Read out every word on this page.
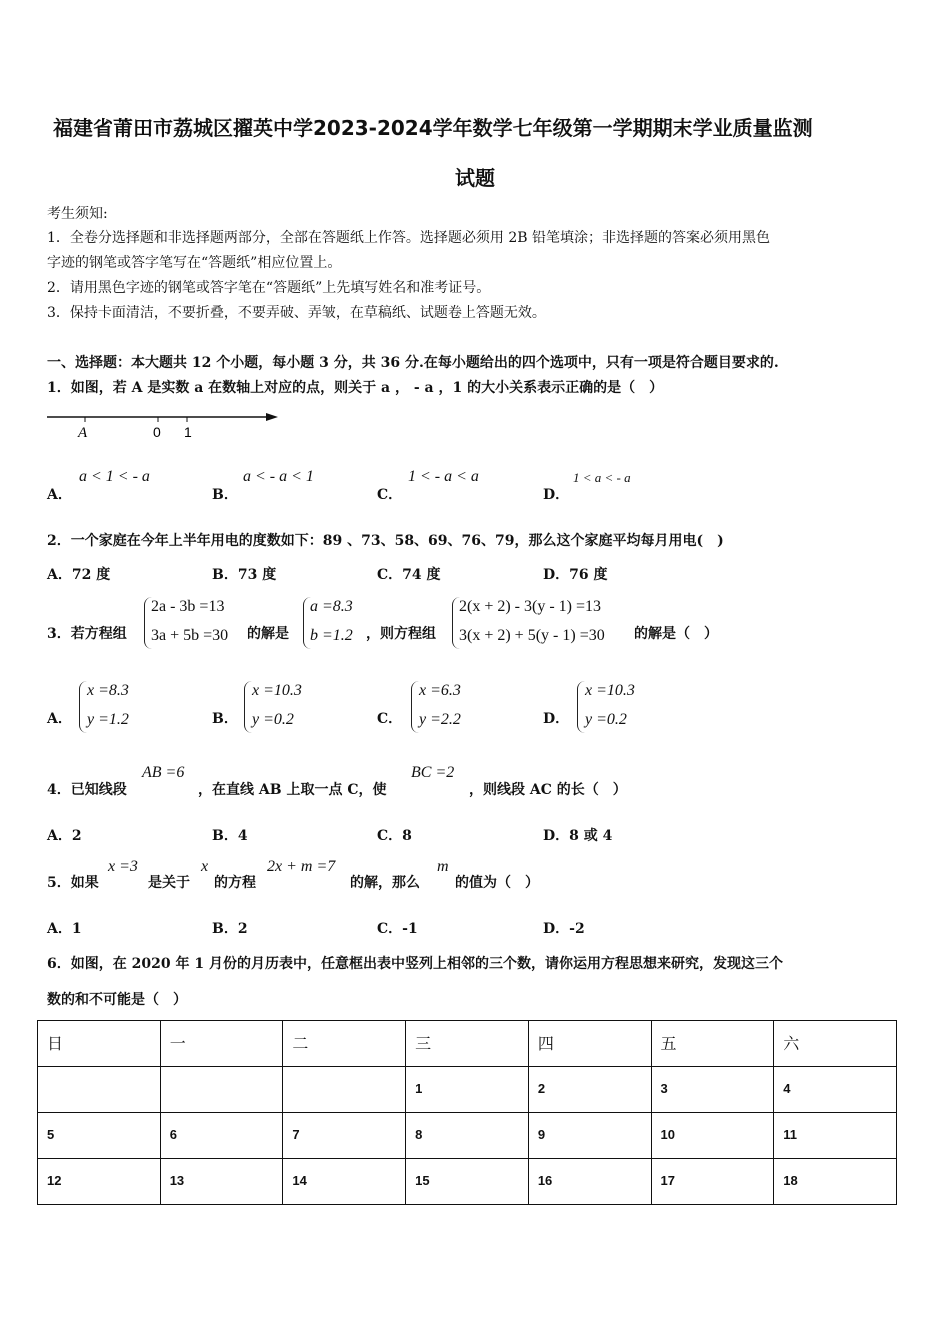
福建省莆田市荔城区擢英中学2023-2024学年数学七年级第一学期期末学业质量监测
试题
考生须知:
1．全卷分选择题和非选择题两部分，全部在答题纸上作答。选择题必须用 2B 铅笔填涂；非选择题的答案必须用黑色
字迹的钢笔或答字笔写在“答题纸”相应位置上。
2．请用黑色字迹的钢笔或答字笔在“答题纸”上先填写姓名和准考证号。
3．保持卡面清洁，不要折叠，不要弄破、弄皱，在草稿纸、试题卷上答题无效。
一、选择题：本大题共 12 个小题，每小题 3 分，共 36 分.在每小题给出的四个选项中，只有一项是符合题目要求的.
1．如图，若 A 是实数 a 在数轴上对应的点，则关于 a ， - a ，1 的大小关系表示正确的是（　）
A	0 1
A．
a < 1 < - a
B．
a < - a < 1
C．
1 < - a < a
D．
1 < a < - a
2．一个家庭在今年上半年用电的度数如下：89 、73、58、69、76、79，那么这个家庭平均每月用电(　)
A．72 度	B．73 度	C．74 度	D．76 度
3．若方程组
2a - 3b =13
3a + 5b =30 的解是
a =8.3
b =1.2 ，则方程组
2(x + 2) - 3(y - 1) =13
3(x + 2) + 5(y - 1) =30 的解是（　）
A．
x =8.3
y =1.2	B．
x =10.3
y =0.2	C．
x =6.3
y =2.2	D．
x =10.3
y =0.2
4．已知线段
AB =6
，在直线 AB 上取一点 C，使
BC =2
，则线段 AC 的长（　）
A．2	B．4	C．8	D．8 或 4
5．如果
x =3
是关于
x
的方程
2x + m =7
的解，那么
m
的值为（　）
A．1	B．2	C．-1	D．-2
6．如图，在 2020 年 1 月份的月历表中，任意框出表中竖列上相邻的三个数，请你运用方程思想来研究，发现这三个
数的和不可能是（　）
日	一	二	三	四	五	六
			1	2	3	4
5	6	7	8	9	10	11
12	13	14	15	16	17	18
